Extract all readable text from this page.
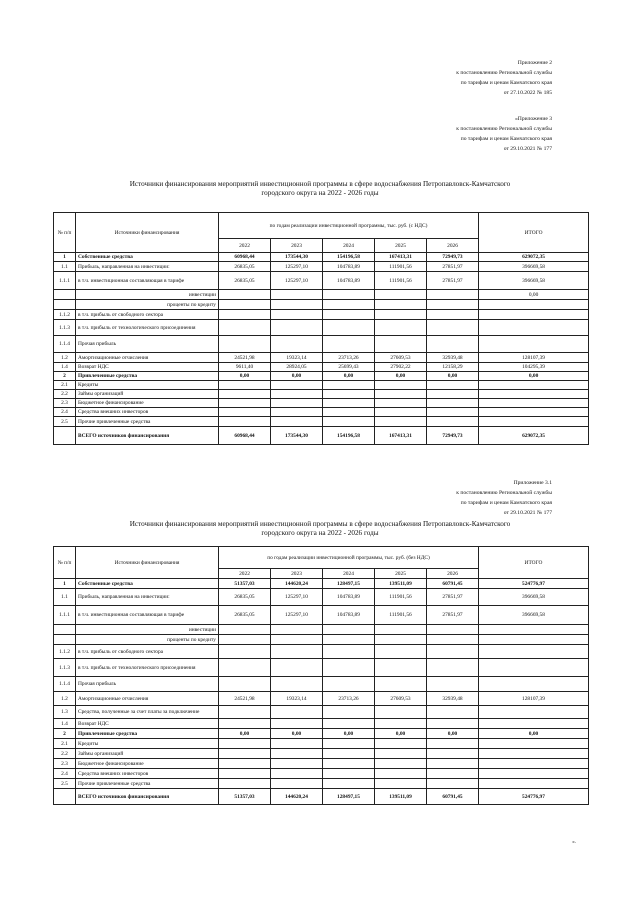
Приложение 2
к постановлению Региональной службы
по тарифам и ценам Камчатского края
от 27.10.2022 № 185
«Приложение 3
к постановлению Региональной службы
по тарифам и ценам Камчатского края
от 29.10.2021 № 177
Источники финансирования мероприятий инвестиционной программы в сфере водоснабжения Петропавловск-Камчатского
городского округа на 2022 - 2026 годы
№ п/п	Источники финансирования	по годам реализации инвестиционной программы, тыс. руб. (с НДС)					ИТОГО
		2022	2023	2024	2025	2026	
1	Собственные средства	60968,44	173544,30	154196,58	167413,31	72949,73	629072,35
1.1	Прибыль, направленная на инвестиции:	26835,05	125297,10	104783,89	111901,56	27851,97	396669,58
1.1.1	в т.ч. инвестиционная составляющая в тарифе	26835,05	125297,10	104783,89	111901,56	27851,97	396669,58
	инвестиции						0,00
	проценты по кредиту						
1.1.2	в т.ч. прибыль от свободного сектора						
1.1.3	в т.ч. прибыль от технологического присоединения						
1.1.4	Прочая прибыль						
1.2	Амортизационные отчисления	24521,98	19323,14	23713,26	27609,53	32939,48	128107,39
1.4	Возврат НДС	9611,40	28924,05	25699,43	27902,22	12158,29	104295,39
2	Привлеченные средства	0,00	0,00	0,00	0,00	0,00	0,00
2.1	Кредиты						
2.2	Займы организаций						
2.3	Бюджетное финансирование						
2.4	Средства внешних инвесторов						
2.5	Прочие привлеченные средства						
	ВСЕГО источников финансирования	60968,44	173544,30	154196,58	167413,31	72949,73	629072,35
Приложение 3.1
к постановлению Региональной службы
по тарифам и ценам Камчатского края
от 29.10.2021 № 177
Источники финансирования мероприятий инвестиционной программы в сфере водоснабжения Петропавловск-Камчатского
городского округа на 2022 - 2026 годы
№ п/п	Источники финансирования	по годам реализации инвестиционной программы, тыс. руб. (без НДС)					ИТОГО
		2022	2023	2024	2025	2026	
1	Собственные средства	51357,03	144620,24	128497,15	139511,09	60791,45	524776,97
1.1	Прибыль, направленная на инвестиции:	26835,05	125297,10	104783,89	111901,56	27851,97	396669,58
1.1.1	в т.ч. инвестиционная составляющая в тарифе	26835,05	125297,10	104783,89	111901,56	27851,97	396669,58
	инвестиции						
	проценты по кредиту						
1.1.2	в т.ч. прибыль от свободного сектора						
1.1.3	в т.ч. прибыль от технологического присоединения						
1.1.4	Прочая прибыль						
1.2	Амортизационные отчисления	24521,98	19323,14	23713,26	27609,53	32939,48	128107,39
1.3	Средства, полученные за счет платы за подключение						
1.4	Возврат НДС						
2	Привлеченные средства	0,00	0,00	0,00	0,00	0,00	0,00
2.1	Кредиты						
2.2	Займы организаций						
2.3	Бюджетное финансирование						
2.4	Средства внешних инвесторов						
2.5	Прочие привлеченные средства						
	ВСЕГО источников финансирования	51357,03	144620,24	128497,15	139511,09	60791,45	524776,97
».
